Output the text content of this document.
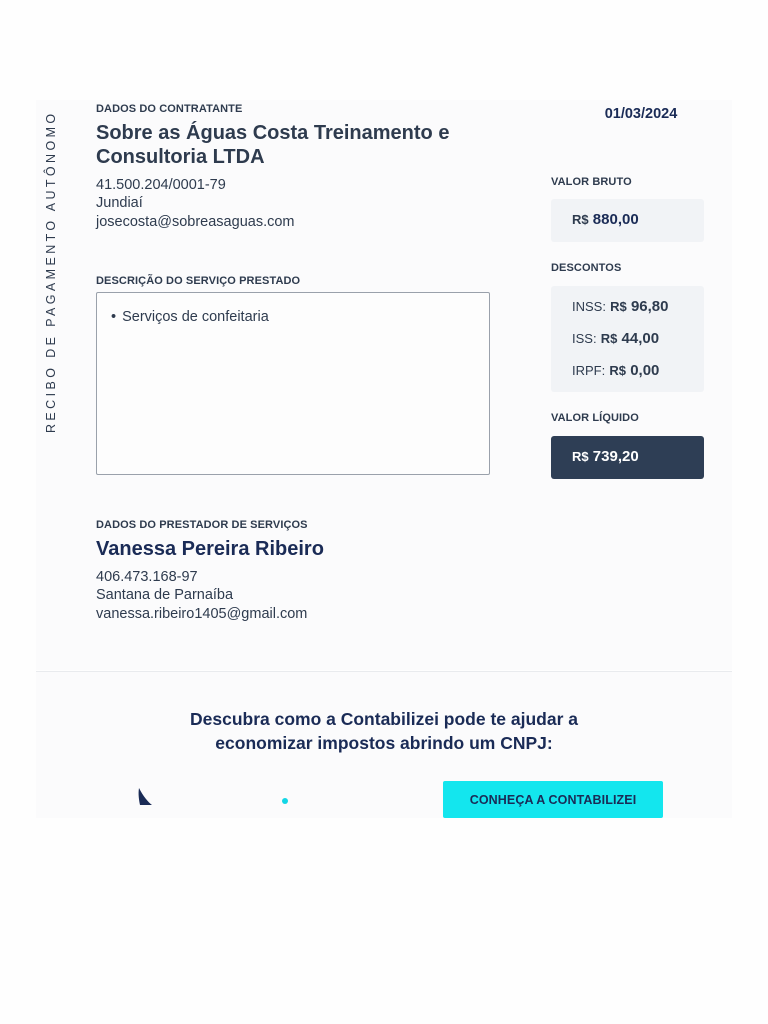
RECIBO DE PAGAMENTO AUTÔNOMO	01/03/2024
DADOS DO CONTRATANTE
Sobre as Águas Costa Treinamento e Consultoria LTDA
41.500.204/0001-79
Jundiaí
josecosta@sobreasaguas.com
DESCRIÇÃO DO SERVIÇO PRESTADO
• Serviços de confeitaria
DADOS DO PRESTADOR DE SERVIÇOS
Vanessa Pereira Ribeiro
406.473.168-97
Santana de Parnaíba
vanessa.ribeiro1405@gmail.com
VALOR BRUTO
R$ 880,00
DESCONTOS
INSS: R$ 96,80
ISS: R$ 44,00
IRPF: R$ 0,00
VALOR LÍQUIDO
R$ 739,20
Descubra como a Contabilizei pode te ajudar a
economizar impostos abrindo um CNPJ:
CONHEÇA A CONTABILIZEI
